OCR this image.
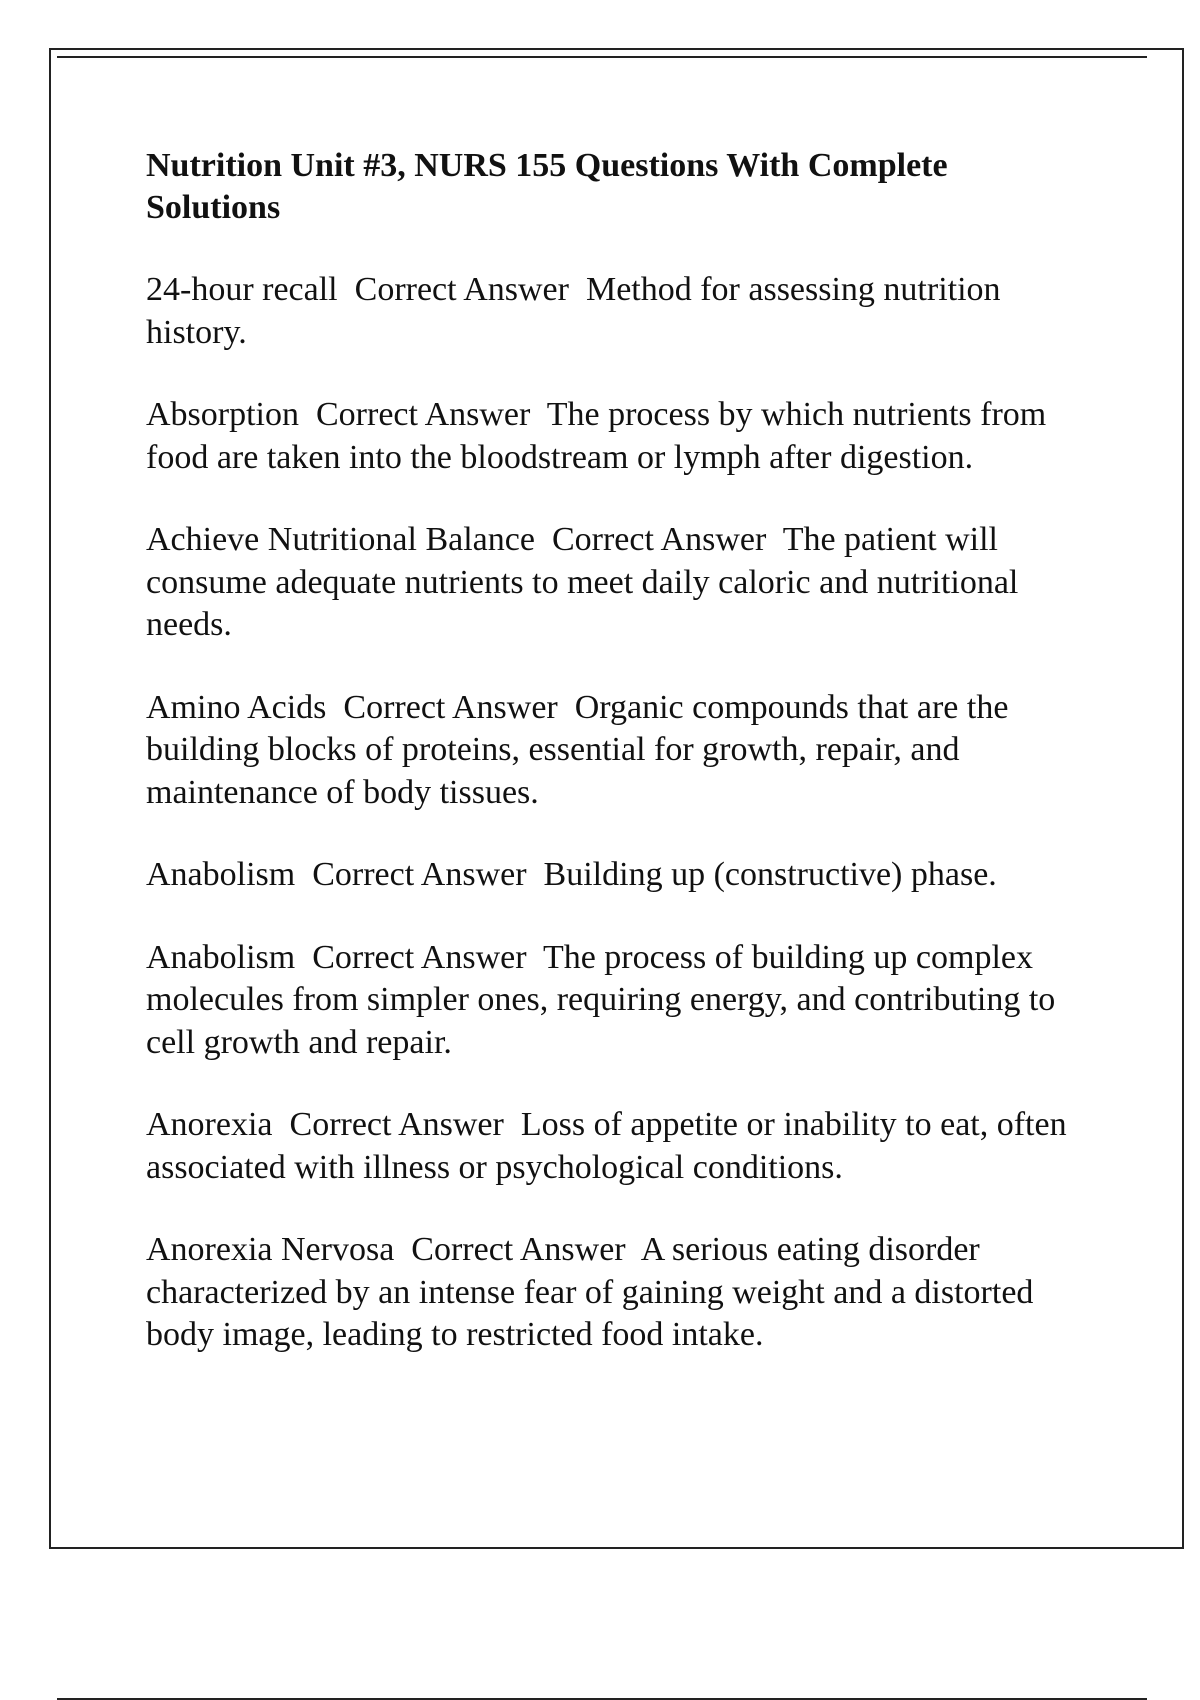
Nutrition Unit #3, NURS 155 Questions With Complete Solutions

24-hour recall Correct Answer Method for assessing nutrition history.

Absorption Correct Answer The process by which nutrients from food are taken into the bloodstream or lymph after digestion.

Achieve Nutritional Balance Correct Answer The patient will consume adequate nutrients to meet daily caloric and nutritional needs.

Amino Acids Correct Answer Organic compounds that are the building blocks of proteins, essential for growth, repair, and maintenance of body tissues.

Anabolism Correct Answer Building up (constructive) phase.

Anabolism Correct Answer The process of building up complex molecules from simpler ones, requiring energy, and contributing to cell growth and repair.

Anorexia Correct Answer Loss of appetite or inability to eat, often associated with illness or psychological conditions.

Anorexia Nervosa Correct Answer A serious eating disorder characterized by an intense fear of gaining weight and a distorted body image, leading to restricted food intake.
